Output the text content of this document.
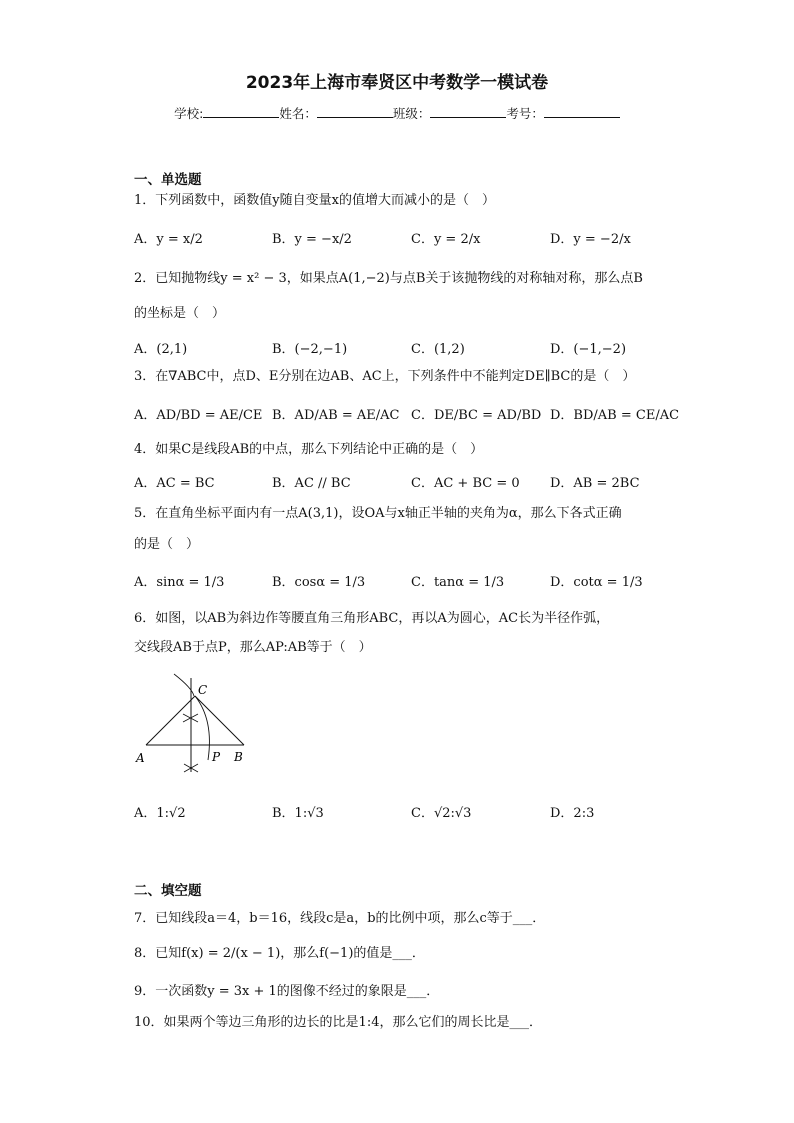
2023年上海市奉贤区中考数学一模试卷
学校:	姓名：	班级：	考号：
一、单选题
1．下列函数中，函数值y随自变量x的值增大而减小的是（　）
A．y = x/2	B．y = −x/2	C．y = 2/x	D．y = −2/x
2．已知抛物线y = x² − 3，如果点A(1,−2)与点B关于该抛物线的对称轴对称，那么点B
的坐标是（　）
A．(2,1)	B．(−2,−1)	C．(1,2)	D．(−1,−2)
3．在∇ABC中，点D、E分别在边AB、AC上，下列条件中不能判定DE∥BC的是（　）
A．AD/BD = AE/CE B．AD/AB = AE/AC C．DE/BC = AD/BD D．BD/AB = CE/AC
4．如果C是线段AB的中点，那么下列结论中正确的是（　）
A．AC = BC	B．AC // BC	C．AC + BC = 0 D．AB = 2BC
5．在直角坐标平面内有一点A(3,1)，设OA与x轴正半轴的夹角为α，那么下各式正确
的是（　）
A．sinα = 1/3	B．cosα = 1/3	C．tanα = 1/3	D．cotα = 1/3
6．如图，以AB为斜边作等腰直角三角形ABC，再以A为圆心，AC长为半径作弧，
交线段AB于点P，那么AP:AB等于（　）
C
A	P B
A．1:√2	B．1:√3	C．√2:√3	D．2:3
二、填空题
7．已知线段a＝4，b＝16，线段c是a，b的比例中项，那么c等于___．
8．已知f(x) = 2/(x − 1)，那么f(−1)的值是___．
9．一次函数y = 3x + 1的图像不经过的象限是___．
10．如果两个等边三角形的边长的比是1:4，那么它们的周长比是___．
